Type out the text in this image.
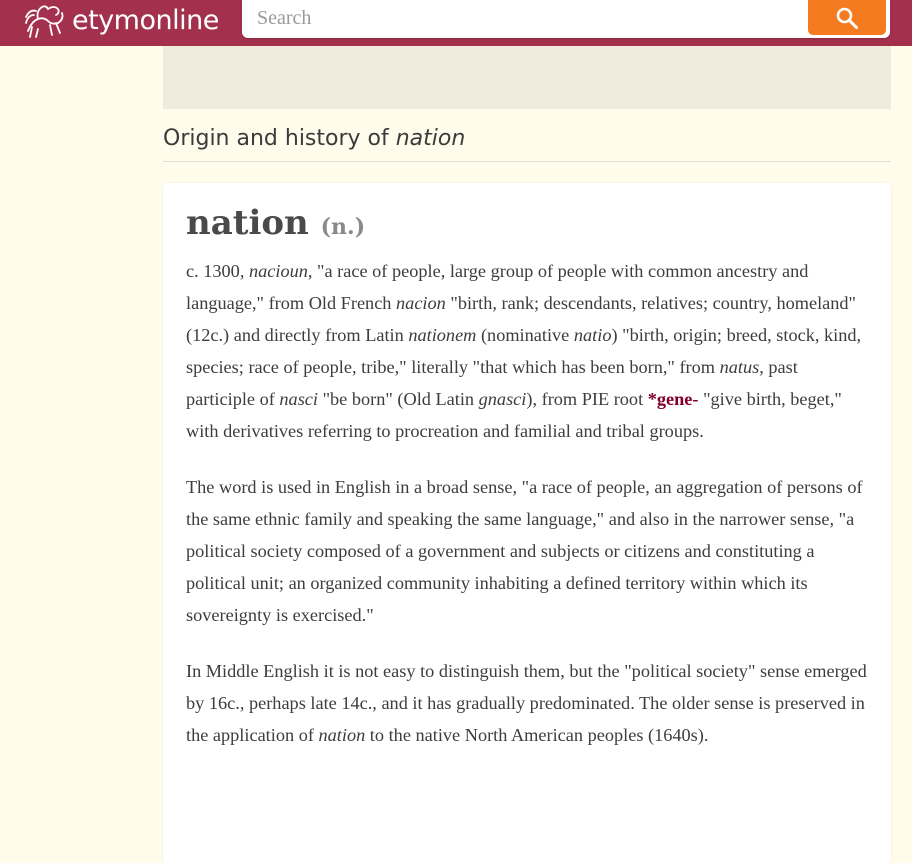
etymonline
Search
Origin and history of nation
nation (n.)

c. 1300, nacioun, "a race of people, large group of people with common ancestry and language," from Old French nacion "birth, rank; descendants, relatives; country, homeland" (12c.) and directly from Latin nationem (nominative natio) "birth, origin; breed, stock, kind, species; race of people, tribe," literally "that which has been born," from natus, past participle of nasci "be born" (Old Latin gnasci), from PIE root *gene- "give birth, beget," with derivatives referring to procreation and familial and tribal groups.

The word is used in English in a broad sense, "a race of people, an aggregation of persons of the same ethnic family and speaking the same language," and also in the narrower sense, "a political society composed of a government and subjects or citizens and constituting a political unit; an organized community inhabiting a defined territory within which its sovereignty is exercised."

In Middle English it is not easy to distinguish them, but the "political society" sense emerged by 16c., perhaps late 14c., and it has gradually predominated. The older sense is preserved in the application of nation to the native North American peoples (1640s).
